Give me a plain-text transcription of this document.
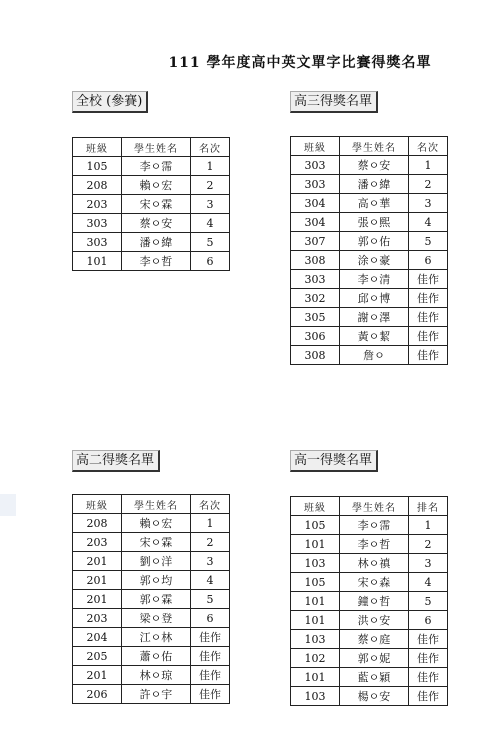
111 學年度高中英文單字比賽得獎名單
全校 (參賽)	高三得獎名單
高二得獎名單	高一得獎名單
班級	學生姓名	名次
105	李ㅇ霈	1
208	賴ㅇ宏	2
203	宋ㅇ霖	3
303	蔡ㅇ安	4
303	潘ㅇ緯	5
101	李ㅇ哲	6
班級	學生姓名	名次
303	蔡ㅇ安	1
303	潘ㅇ緯	2
304	高ㅇ華	3
304	張ㅇ熙	4
307	郭ㅇ佑	5
308	涂ㅇ豪	6
303	李ㅇ清	佳作
302	邱ㅇ博	佳作
305	謝ㅇ澤	佳作
306	黃ㅇ絜	佳作
308	詹ㅇ	佳作
班級	學生姓名	名次
208	賴ㅇ宏	1
203	宋ㅇ霖	2
201	劉ㅇ洋	3
201	郭ㅇ均	4
201	郭ㅇ霖	5
203	梁ㅇ登	6
204	江ㅇ林	佳作
205	蕭ㅇ佑	佳作
201	林ㅇ琼	佳作
206	許ㅇ宇	佳作
班級	學生姓名	排名
105	李ㅇ霈	1
101	李ㅇ哲	2
103	林ㅇ禛	3
105	宋ㅇ森	4
101	鐘ㅇ哲	5
101	洪ㅇ安	6
103	蔡ㅇ庭	佳作
102	郭ㅇ妮	佳作
101	藍ㅇ穎	佳作
103	楊ㅇ安	佳作
